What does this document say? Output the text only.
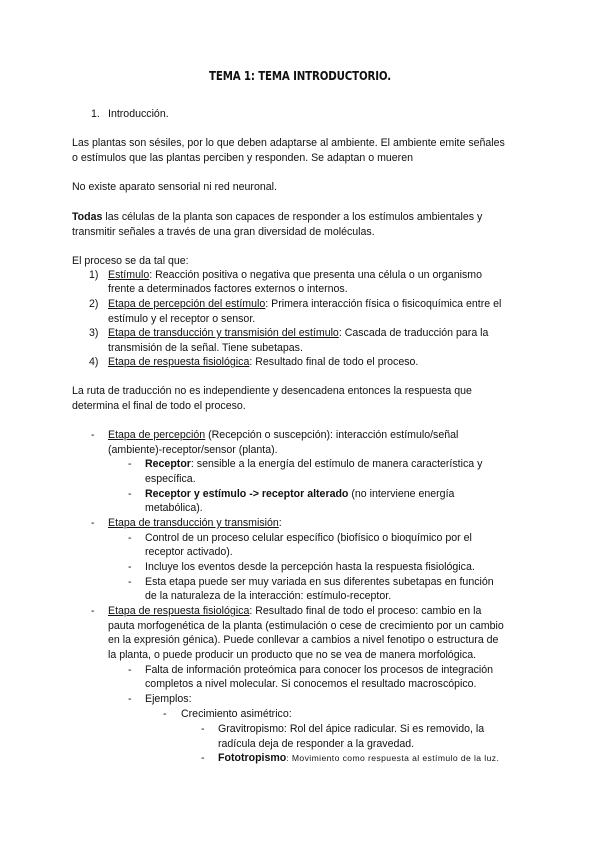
TEMA 1: TEMA INTRODUCTORIO.
1. Introducción.
Las plantas son sésiles, por lo que deben adaptarse al ambiente. El ambiente emite señales
o estímulos que las plantas perciben y responden. Se adaptan o mueren
No existe aparato sensorial ni red neuronal.
Todas las células de la planta son capaces de responder a los estímulos ambientales y
transmitir señales a través de una gran diversidad de moléculas.
El proceso se da tal que:
1) Estímulo: Reacción positiva o negativa que presenta una célula o un organismo
frente a determinados factores externos o internos.
2) Etapa de percepción del estímulo: Primera interacción física o fisicoquímica entre el
estímulo y el receptor o sensor.
3) Etapa de transducción y transmisión del estímulo: Cascada de traducción para la
transmisión de la señal. Tiene subetapas.
4) Etapa de respuesta fisiológica: Resultado final de todo el proceso.
La ruta de traducción no es independiente y desencadena entonces la respuesta que
determina el final de todo el proceso.
- Etapa de percepción (Recepción o suscepción): interacción estímulo/señal
(ambiente)-receptor/sensor (planta).
- Receptor: sensible a la energía del estímulo de manera característica y
específica.
- Receptor y estímulo -> receptor alterado (no interviene energía
metabólica).
- Etapa de transducción y transmisión:
- Control de un proceso celular específico (biofísico o bioquímico por el
receptor activado).
- Incluye los eventos desde la percepción hasta la respuesta fisiológica.
- Esta etapa puede ser muy variada en sus diferentes subetapas en función
de la naturaleza de la interacción: estímulo-receptor.
- Etapa de respuesta fisiológica: Resultado final de todo el proceso: cambio en la
pauta morfogenética de la planta (estimulación o cese de crecimiento por un cambio
en la expresión génica). Puede conllevar a cambios a nivel fenotipo o estructura de
la planta, o puede producir un producto que no se vea de manera morfológica.
- Falta de información proteómica para conocer los procesos de integración
completos a nivel molecular. Si conocemos el resultado macroscópico.
- Ejemplos:
- Crecimiento asimétrico:
- Gravitropismo: Rol del ápice radicular. Si es removido, la
radícula deja de responder a la gravedad.
- Fototropismo: Movimiento como respuesta al estímulo de la luz.
